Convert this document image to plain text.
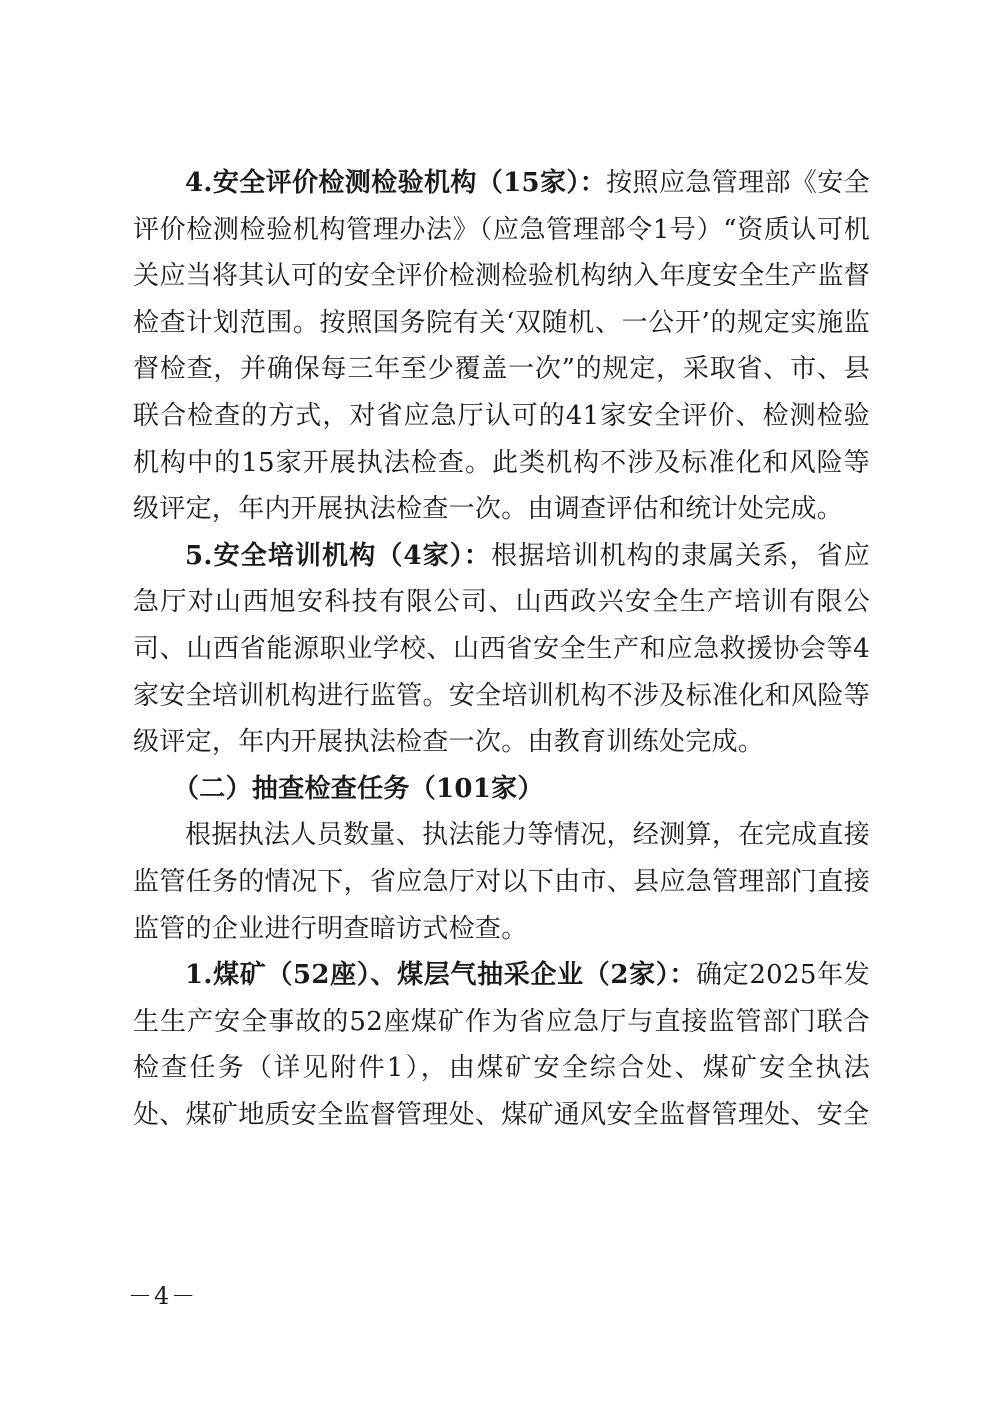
4.安全评价检测检验机构（15家）：按照应急管理部《安全评价检测检验机构管理办法》（应急管理部令1号）“资质认可机关应当将其认可的安全评价检测检验机构纳入年度安全生产监督检查计划范围。按照国务院有关‘双随机、一公开’的规定实施监督检查，并确保每三年至少覆盖一次”的规定，采取省、市、县联合检查的方式，对省应急厅认可的41家安全评价、检测检验机构中的15家开展执法检查。此类机构不涉及标准化和风险等级评定，年内开展执法检查一次。由调查评估和统计处完成。

5.安全培训机构（4家）：根据培训机构的隶属关系，省应急厅对山西旭安科技有限公司、山西政兴安全生产培训有限公司、山西省能源职业学校、山西省安全生产和应急救援协会等4家安全培训机构进行监管。安全培训机构不涉及标准化和风险等级评定，年内开展执法检查一次。由教育训练处完成。

（二）抽查检查任务（101家）

根据执法人员数量、执法能力等情况，经测算，在完成直接监管任务的情况下，省应急厅对以下由市、县应急管理部门直接监管的企业进行明查暗访式检查。

1.煤矿（52座）、煤层气抽采企业（2家）：确定2025年发生生产安全事故的52座煤矿作为省应急厅与直接监管部门联合检查任务（详见附件1），由煤矿安全综合处、煤矿安全执法处、煤矿地质安全监督管理处、煤矿通风安全监督管理处、安全

－4－
